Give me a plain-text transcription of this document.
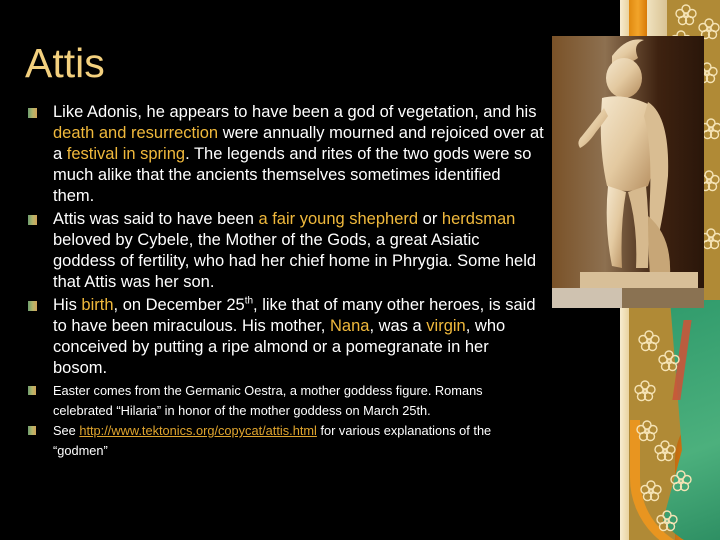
Attis
Like Adonis, he appears to have been a god of vegetation, and his death and resurrection were annually mourned and rejoiced over at a festival in spring. The legends and rites of the two gods were so much alike that the ancients themselves sometimes identified them.
Attis was said to have been a fair young shepherd or herdsman beloved by Cybele, the Mother of the Gods, a great Asiatic goddess of fertility, who had her chief home in Phrygia. Some held that Attis was her son.
His birth, on December 25th, like that of many other heroes, is said to have been miraculous. His mother, Nana, was a virgin, who conceived by putting a ripe almond or a pomegranate in her bosom.
Easter comes from the Germanic Oestra, a mother goddess figure. Romans celebrated “Hilaria” in honor of the mother goddess on March 25th.
See http://www.tektonics.org/copycat/attis.html for various explanations of the “godmen”
